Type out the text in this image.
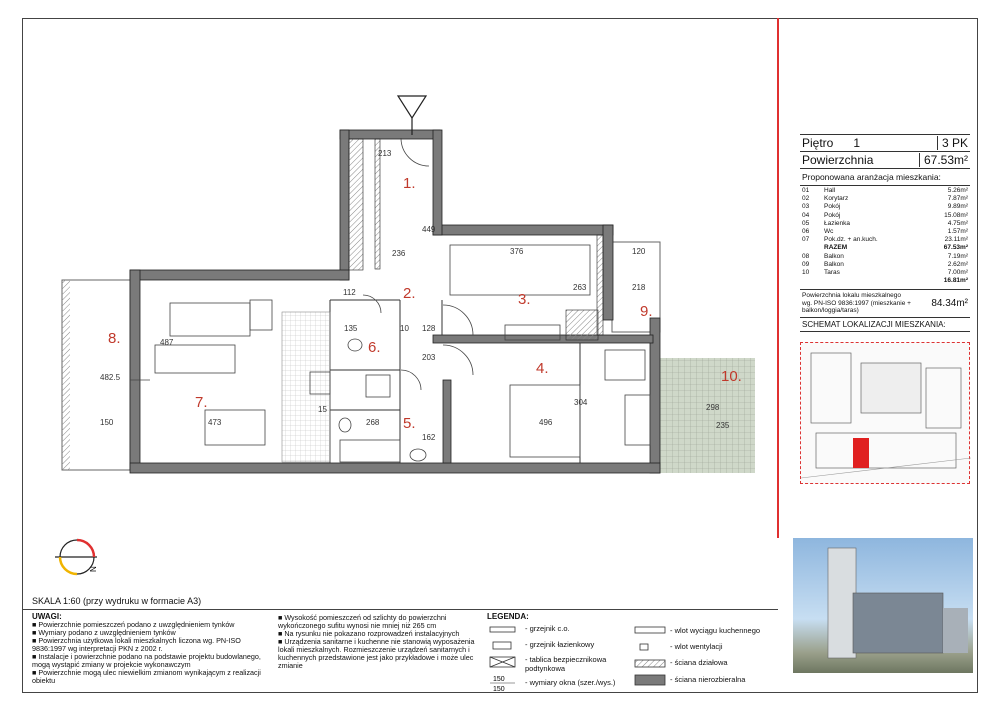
1.
2.	3.
4.
5.
6.
7.
8.
9.
10.
213
449
236	376	120
218
263
128
203
10
135
487
482.5
150	473	268	496
304
15
162
235
298
112
N
Piętro 1	3 PK
Powierzchnia	67.53m²
Proponowana aranżacja mieszkania:
01	Hall	5.26m²
02	Korytarz	7.87m²
03	Pokój	9.89m²
04	Pokój	15.08m²
05	Łazienka	4.75m²
06	Wc	1.57m²
07	Pok.dz. + an.kuch.	23.11m²
RAZEM	67.53m²
08	Balkon	7.19m²
09	Balkon	2.62m²
10	Taras	7.00m²
16.81m²
Powierzchnia lokalu mieszkalnego wg. PN-ISO 9836:1997 (mieszkanie + balkon/loggia/taras)
84.34m²
SCHEMAT LOKALIZACJI MIESZKANIA:
SKALA 1:60 (przy wydruku w formacie A3)
UWAGI:

■ Powierzchnie pomieszczeń podano z uwzględnieniem tynków

■ Wymiary podano z uwzględnieniem tynków

■ Powierzchnia użytkowa lokali mieszkalnych liczona wg. PN-ISO 9836:1997 wg interpretacji PKN z 2002 r.

■ Instalacje i powierzchnie podano na podstawie projektu budowlanego, mogą wystąpić zmiany w projekcie wykonawczym

■ Powierzchnie mogą ulec niewielkim zmianom wynikającym z realizacji obiektu

■ Wysokość pomieszczeń od szlichty do powierzchni wykończonego sufitu wynosi nie mniej niż 265 cm

■ Na rysunku nie pokazano rozprowadzeń instalacyjnych

■ Urządzenia sanitarne i kuchenne nie stanowią wyposażenia lokali mieszkalnych. Rozmieszczenie urządzeń sanitarnych i kuchennych przedstawione jest jako przykładowe i może ulec zmianie

LEGENDA:
150
150
- grzejnik c.o.
- grzejnik łazienkowy
- tablica bezpiecznikowa podtynkowa
- wymiary okna (szer./wys.)
- wlot wyciągu kuchennego
- wlot wentylacji
- ściana działowa
- ściana nierozbieralna
